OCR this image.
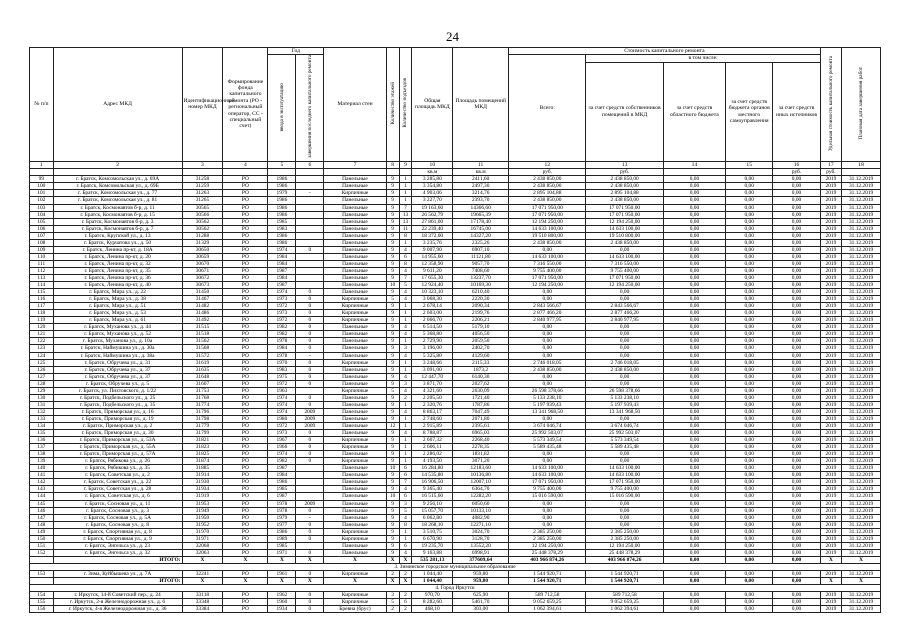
24
№ п/п	Адрес МКД	Идентификационный номер МКД	Формирование фонда капитального ремонта (РО - региональный оператор, СС - специальный счет)	Год		Материал стен	Количество этажей	Количество подъездов	Общая площадь МКД	Площадь помещений МКД	Стоимость капитального ремонта					Удельная стоимость капитального ремонта	Плановая дата завершения работ
				ввода в эксплуатацию	завершения последнего капитального ремонта						Всего:	в том числе:					
												за счет средств собственников помещений в МКД	за счет средств областного бюджета	за счет средств бюджета органов местного самоуправления	за счет средств иных источников		

1	2	3	4	5	6	7	8	9	10	11	12	13	14	15	16	17	18
									кв.м	кв.м	руб.	руб.			руб.	руб.	
99	г. Братск, Комсомольская ул., д. 69А	31258	РО	1986		Панельные	9	1	3 285,80	2411,60	2 438 850,00	2 438 850,00	0,00	0,00	0,00	2019	31.12.2019
100	г. Братск, Комсомольская ул., д. 69Б	31259	РО	1986		Панельные	9	1	3 354,80	2497,30	2 438 850,00	2 438 850,00	0,00	0,00	0,00	2019	31.12.2019
101	г. Братск, Комсомольская ул., д. 77	31263	РО	1979	-	Кирпичные	9	1	4 903,06	3214,76	2 895 104,88	2 895 104,88	0,00	0,00	0,00	2019	31.12.2019
102	г. Братск, Комсомольская ул., д. 81	31265	РО	1986		Панельные	9	1	3 227,70	2393,70	2 438 850,00	2 438 850,00	0,00	0,00	0,00	2019	31.12.2019
103	г. Братск, Космонавтов б-р, д. 11	30565	РО	1986		Панельные	9	7	19 163,60	14366,60	17 071 950,00	17 071 950,00	0,00	0,00	0,00	2019	31.12.2019
104	г. Братск, Космонавтов б-р, д. 15	30566	РО	1986		Панельные	9	13	26 562,79	19665,39	17 071 950,00	17 071 950,00	0,00	0,00	0,00	2019	31.12.2019
105	г. Братск, Космонавтов б-р, д. 3	30562	РО	1985		Панельные	9	13	27 861,00	17178,40	12 194 250,00	12 194 250,00	0,00	0,00	0,00	2019	31.12.2019
106	г. Братск, Космонавтов б-р, д. 7	30562	РО	1983		Панельные	9	11	22 239,40	16745,00	14 633 100,00	14 633 100,00	0,00	0,00	0,00	2019	31.12.2019
107	г. Братск, Крупской ул., д. 13	31288	РО	1986		Панельные	9	8	18 372,00	14327,20	19 510 800,00	19 510 800,00	0,00	0,00	0,00	2019	31.12.2019
108	г. Братск, Курчатова ул., д. 50	31329	РО	1986		Панельные	9	1	3 235,76	2325,26	2 438 850,00	2 438 850,00	0,00	0,00	0,00	2019	31.12.2019
109	г. Братск, Ленина пр-кт, д. 18А	30650	РО	1974	0	Панельные	9	4	9 007,90	6907,10	0,00	0,00	0,00	0,00	0,00	2019	31.12.2019
110	г. Братск, Ленина пр-кт, д. 20	30659	РО	1984		Панельные	9	6	14 955,60	11121,80	14 633 100,00	14 633 100,00	0,00	0,00	0,00	2019	31.12.2019
111	г. Братск, Ленина пр-кт, д. 32	30670	РО	1984		Панельные	9	8	12 358,90	9057,70	7 316 550,00	7 316 550,00	0,00	0,00	0,00	2019	31.12.2019
112	г. Братск, Ленина пр-кт, д. 35	30671	РО	1987		Панельные	9	4	9 611,20	7408,60	9 755 400,00	9 755 400,00	0,00	0,00	0,00	2019	31.12.2019
113	г. Братск, Ленина пр-кт, д. 36	30672	РО	1984		Панельные	9	7	17 655,30	13237,70	17 071 950,00	17 071 950,00	0,00	0,00	0,00	2019	31.12.2019
114	г. Братск, Ленина пр-кт, д. 40	30673	РО	1987		Панельные	10	5	12 924,40	10169,30	12 194 250,00	12 194 250,00	0,00	0,00	0,00	2019	31.12.2019
115	г. Братск, Мира ул., д. 22	31450	РО	1974	0	Панельные	9	4	10 323,10	6210,40	0,00	0,00	0,00	0,00	0,00	2019	31.12.2019
116	г. Братск, Мира ул., д. 38	31467	РО	1973	0	Кирпичные	5	4	3 068,30	2220,30	0,00	0,00	0,00	0,00	0,00	2019	31.12.2019
117	г. Братск, Мира ул., д. 51	31482	РО	1972	0	Кирпичные	9	1	2 678,14	2090,34	2 843 566,67	2 843 566,67	0,00	0,00	0,00	2019	31.12.2019
118	г. Братск, Мира ул., д. 53	31486	РО	1973	0	Кирпичные	9	1	2 603,00	2199,76	2 877 466,20	2 877 466,20	0,00	0,00	0,00	2019	31.12.2019
119	г. Братск, Мира ул., д. 61	31492	РО	1972	0	Кирпичные	9	1	2 666,70	2206,21	2 840 977,95	2 840 977,95	0,00	0,00	0,00	2019	31.12.2019
120	г. Братск, Муханова ул., д. 44	31515	РО	1982	0	Панельные	9	4	6 514,50	5179,10	0,00	0,00	0,00	0,00	0,00	2019	31.12.2019
121	г. Братск, Муханова ул., д. 52	31518	РО	1982	0	Панельные	9	4	5 368,80	4056,50	0,00	0,00	0,00	0,00	0,00	2019	31.12.2019
122	г. Братск, Муханова ул., д. 10а	31562	РО	1978	0	Панельные	9	1	2 729,90	2059,50	0,00	0,00	0,00	0,00	0,00	2019	31.12.2019
123	г. Братск, Наймушина ул., д. 30а	31568	РО	1984	0	Панельные	9	3	3 196,00	2402,70	0,00	0,00	0,00	0,00	0,00	2019	31.12.2019
124	г. Братск, Наймушина ул., д. 38а	31572	РО	1978	-	Панельные	9	4	5 325,80	4129,60	0,00	0,00	0,00	0,00	0,00	2019	31.12.2019
125	г. Братск, Обручева ул., д. 31	31619	РО	1970	0	Кирпичные	9	1	3 248,66	2115,33	2 746 018,05	2 746 018,05	0,00	0,00	0,00	2019	31.12.2019
126	г. Братск, Обручева ул., д. 37	31635	РО	1983	0	Панельные	9	1	3 091,00	1873,2	2 438 850,00	2 438 850,00	0,00	0,00	0,00	2019	31.12.2019
127	г. Братск, Обручева ул., д. 37	31648	РО	1975	0	Панельные	9	4	12 447,70	6140,30	0,00	0,00	0,00	0,00	0,00	2019	31.12.2019
128	г. Братск, Обручева ул., д. 5	31607	РО	1972	0	Панельные	9	3	3 871,70	2027,62	0,00	0,00	0,00	0,00	0,00	2019	31.12.2019
129	г. Братск, ул. Пихтовского, д. 1/22	31753	РО	1963		Кирпичные	5	4	4 321,60	2630,09	26 598 378,66	26 598 378,66	0,00	0,00	0,00	2019	31.12.2019
130	г. Братск, Подбельского ул., д. 25	31768	РО	1974	0	Панельные	9	2	2 205,50	1721,40	5 133 238,10	5 133 238,10	0,00	0,00	0,00	2019	31.12.2019
131	г. Братск, Подбельского ул., д. 35	31774	РО	1974	0	Панельные	9	1	2 320,76	1787,86	5 197 939,43	5 197 939,43	0,00	0,00	0,00	2019	31.12.2019
132	г. Братск, Приморская ул., д. 16	31796	РО	1974	2009	Панельные	9	4	8 863,17	7047,49	13 341 968,50	13 341 968,50	0,00	0,00	0,00	2019	31.12.2019
133	г. Братск, Приморская ул., д. 19	31798	РО	1980	2009	Панельные	9	1	2 748,60	2071,80	0,00	0,00	0,00	0,00	0,00	2019	31.12.2019
134	г. Братск, Приморская ул., д. 2	31779	РО	1972	2009	Панельные	12	1	2 915,89	2395,61	3 674 046,74	3 674 046,74	0,00	0,00	0,00	2019	31.12.2019
135	г. Братск, Приморская ул., д. 30	31799	РО	1973	0	Панельные	9	4	8 788,87	6965,03	25 992 503,07	25 992 503,07	0,00	0,00	0,00	2019	31.12.2019
136	г. Братск, Приморская ул., д. 53А	31821	РО	1967	0	Кирпичные	9	1	2 607,32	2268,40	5 573 349,54	5 573 349,54	0,00	0,00	0,00	2019	31.12.2019
137	г. Братск, Приморская ул., д. 55А	31823	РО	1966	0	Кирпичные	9	1	2 606,11	2278,35	5 589 435,48	5 589 435,48	0,00	0,00	0,00	2019	31.12.2019
138	г. Братск, Приморская ул., д. 57А	31825	РО	1974	0	Панельные	9	1	2 286,02	1831,82	0,00	0,00	0,00	0,00	0,00	2019	31.12.2019
139	г. Братск, Рябикова ул., д. 26	31874	РО	1982	0	Кирпичные	9	1	4 193,50	3071,20	0,00	0,00	0,00	0,00	0,00	2019	31.12.2019
140	г. Братск, Рябикова ул., д. 35	31885	РО	1987		Панельные	10	6	16 284,80	12183,60	14 633 100,00	14 633 100,00	0,00	0,00	0,00	2019	31.12.2019
141	г. Братск, Советская ул., д. 2	31914	РО	1984		Панельные	9	6	14 535,80	10136,80	14 633 100,00	14 633 100,00	0,00	0,00	0,00	2019	31.12.2019
142	г. Братск, Советская ул., д. 22	31930	РО	1986		Панельные	9	7	16 906,50	12007,10	17 071 950,00	17 071 950,00	0,00	0,00	0,00	2019	31.12.2019
143	г. Братск, Советская ул., д. 28	31934	РО	1985		Панельные	9	4	9 365,40	6364,70	9 755 400,00	9 755 400,00	0,00	0,00	0,00	2019	31.12.2019
144	г. Братск, Советская ул., д. 6	31919	РО	1987		Панельные	10	6	16 515,60	12282,20	15 016 590,00	15 016 590,00	0,00	0,00	0,00	2019	31.12.2019
145	г. Братск, Сосновая ул., д. 11	31953	РО	1978	2009	Панельные	9	3	9 256,10	6050,60	0,00	0,00	0,00	0,00	0,00	2019	31.12.2019
146	г. Братск, Сосновая ул., д. 3	31949	РО	1978	0	Панельные	9	5	15 057,70	10133,10	0,00	0,00	0,00	0,00	0,00	2019	31.12.2019
147	г. Братск, Сосновая ул., д. 5А	31950	РО	1979	-	Панельные	9	4	6 062,80	4082,90	0,00	0,00	0,00	0,00	0,00	2019	31.12.2019
148	г. Братск, Сосновая ул., д. 8	31952	РО	1977	0	Панельные	9	8	18 268,10	12271,10	0,00	0,00	0,00	0,00	0,00	2019	31.12.2019
149	г. Братск, Спортивная ул., д. 8	31970	РО	1986	0	Кирпичные	9	1	3 510,75	3024,70	2 385 250,00	2 385 250,00	0,00	0,00	0,00	2019	31.12.2019
150	г. Братск, Спортивная ул., д. 9	31971	РО	1989	0	Кирпичные	9	1	6 670,90	3128,70	2 385 250,00	2 385 250,00	0,00	0,00	0,00	2019	31.12.2019
151	г. Братск, Энгельса ул., д. 23	32068	РО	1985		Панельные	9	6	19 235,70	13552,20	12 194 250,00	12 194 250,00	0,00	0,00	0,00	2019	31.12.2019
152	г. Братск, Энгельса ул., д. 32	32063	РО	1971	0	Панельные	9	4	9 163,88	6998,91	25 448 378,29	25 448 378,29	0,00	0,00	0,00	2019	31.12.2019
	ИТОГО:	Х	Х	Х	Х	Х	Х	Х	535 281,13	377609,64	403 966 874,26	403 966 874,26	0,00	0,00	0,00	Х	Х
3. Зиминское городское муниципальное образование																	
153	г. Зима, Куйбышева ул., д. 7А	32241	РО	1961	0	Кирпичные	2	2	1 044,40	959,80	1 544 920,71	1 544 920,71	0,00	0,00	0,00	2019	31.12.2019
	ИТОГО:	Х	Х	Х	Х	Х	Х	Х	1 044,40	959,80	1 544 920,71	1 544 920,71	0,00	0,00	0,00	Х	Х
4. Город Иркутск																	
154	г. Иркутск, 14-й Советский пер., д. 24	33118	РО	1962	0	Кирпичные	3	2	970,70	625,90	589 712,58	589 712,58	0,00	0,00	0,00	2019	31.12.2019
155	г. Иркутск, 2-я Железнодорожная ул., д. 6	33348	РО	1960	0	Кирпичные	5	6	8 282,60	5461,70	9 052 659,25	9 052 659,25	0,00	0,00	0,00	2019	31.12.2019
156	г. Иркутск, 4-я Железнодорожная ул., д. 36	33384	РО	1934	0	Бревна (брус)	2	2	468,10	303,00	1 062 394,61	1 062 394,61	0,00	0,00	0,00	2019	31.12.2019
